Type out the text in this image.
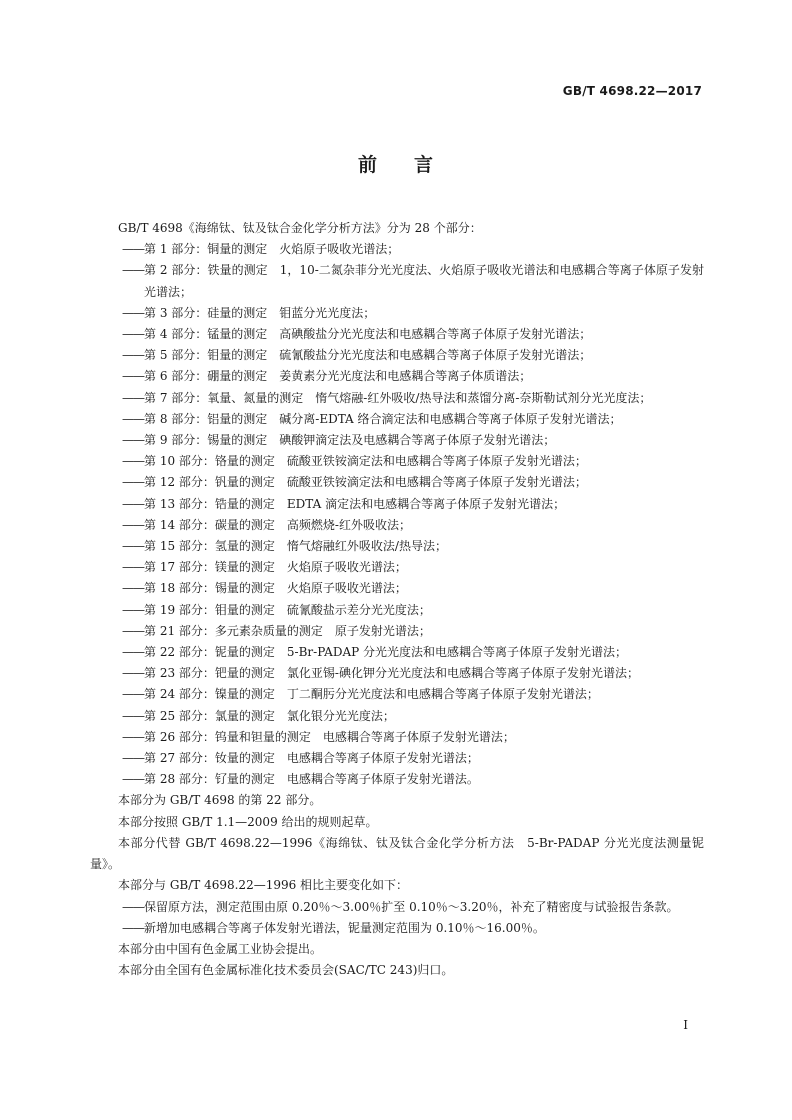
GB/T 4698.22—2017
前 言

GB/T 4698《海绵钛、钛及钛合金化学分析方法》分为 28 个部分：

—— 第 1 部分：铜量的测定　火焰原子吸收光谱法；
—— 第 2 部分：铁量的测定　1，10-二氮杂菲分光光度法、火焰原子吸收光谱法和电感耦合等离子体原子发射光谱法；
—— 第 3 部分：硅量的测定　钼蓝分光光度法；
—— 第 4 部分：锰量的测定　高碘酸盐分光光度法和电感耦合等离子体原子发射光谱法；
—— 第 5 部分：钼量的测定　硫氰酸盐分光光度法和电感耦合等离子体原子发射光谱法；
—— 第 6 部分：硼量的测定　姜黄素分光光度法和电感耦合等离子体质谱法；
—— 第 7 部分：氧量、氮量的测定　惰气熔融-红外吸收/热导法和蒸馏分离-奈斯勒试剂分光光度法；
—— 第 8 部分：铝量的测定　碱分离-EDTA 络合滴定法和电感耦合等离子体原子发射光谱法；
—— 第 9 部分：锡量的测定　碘酸钾滴定法及电感耦合等离子体原子发射光谱法；
—— 第 10 部分：铬量的测定　硫酸亚铁铵滴定法和电感耦合等离子体原子发射光谱法；
—— 第 12 部分：钒量的测定　硫酸亚铁铵滴定法和电感耦合等离子体原子发射光谱法；
—— 第 13 部分：锆量的测定　EDTA 滴定法和电感耦合等离子体原子发射光谱法；
—— 第 14 部分：碳量的测定　高频燃烧-红外吸收法；
—— 第 15 部分：氢量的测定　惰气熔融红外吸收法/热导法；
—— 第 17 部分：镁量的测定　火焰原子吸收光谱法；
—— 第 18 部分：锡量的测定　火焰原子吸收光谱法；
—— 第 19 部分：钼量的测定　硫氰酸盐示差分光光度法；
—— 第 21 部分：多元素杂质量的测定　原子发射光谱法；
—— 第 22 部分：铌量的测定　5-Br-PADAP 分光光度法和电感耦合等离子体原子发射光谱法；
—— 第 23 部分：钯量的测定　氯化亚锡-碘化钾分光光度法和电感耦合等离子体原子发射光谱法；
—— 第 24 部分：镍量的测定　丁二酮肟分光光度法和电感耦合等离子体原子发射光谱法；
—— 第 25 部分：氯量的测定　氯化银分光光度法；
—— 第 26 部分：钨量和钽量的测定　电感耦合等离子体原子发射光谱法；
—— 第 27 部分：钕量的测定　电感耦合等离子体原子发射光谱法；
—— 第 28 部分：钌量的测定　电感耦合等离子体原子发射光谱法。

本部分为 GB/T 4698 的第 22 部分。

本部分按照 GB/T 1.1—2009 给出的规则起草。

本部分代替 GB/T 4698.22—1996《海绵钛、钛及钛合金化学分析方法　5-Br-PADAP 分光光度法测量铌量》。

本部分与 GB/T 4698.22—1996 相比主要变化如下：

—— 保留原方法，测定范围由原 0.20％～3.00％扩至 0.10％～3.20％，补充了精密度与试验报告条款。
—— 新增加电感耦合等离子体发射光谱法，铌量测定范围为 0.10％～16.00％。

本部分由中国有色金属工业协会提出。

本部分由全国有色金属标准化技术委员会(SAC/TC 243)归口。

I
